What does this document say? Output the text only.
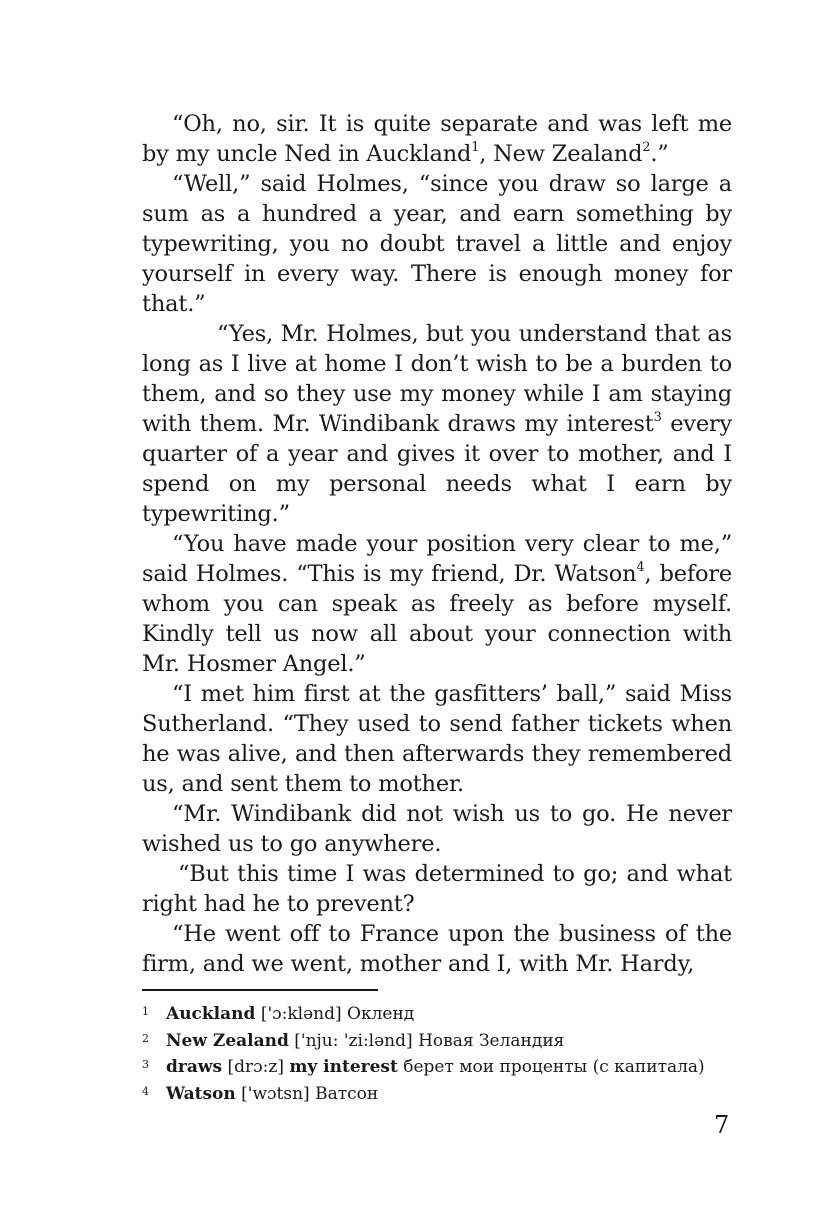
“Oh, no, sir. It is quite separate and was left me by my uncle Ned in Auckland$^1$, New Zealand$^2$.”

“Well,” said Holmes, “since you draw so large a sum as a hundred a year, and earn something by typewriting, you no doubt travel a little and enjoy yourself in every way. There is enough money for that.”

“Yes, Mr. Holmes, but you understand that as long as I live at home I don’t wish to be a burden to them, and so they use my money while I am staying with them. Mr. Windibank draws my interest$^3$ every quarter of a year and gives it over to mother, and I spend on my personal needs what I earn by typewriting.”

“You have made your position very clear to me,” said Holmes. “This is my friend, Dr. Watson$^4$, before whom you can speak as freely as before myself. Kindly tell us now all about your connection with Mr. Hosmer Angel.”

“I met him first at the gasfitters’ ball,” said Miss Sutherland. “They used to send father tickets when he was alive, and then afterwards they remembered us, and sent them to mother.

“Mr. Windibank did not wish us to go. He never wished us to go anywhere.

“But this time I was determined to go; and what right had he to prevent?

“He went off to France upon the business of the firm, and we went, mother and I, with Mr. Hardy,

1	Auckland
['ɔ:klənd]
Окленд
2	New Zealand
['nju: 'zi:lənd]
Новая Зеландия
3	draws
[drɔ:z]
my interest
берет мои проценты (с капитала)
4	Watson
['wɔtsn]
Ватсон
7
